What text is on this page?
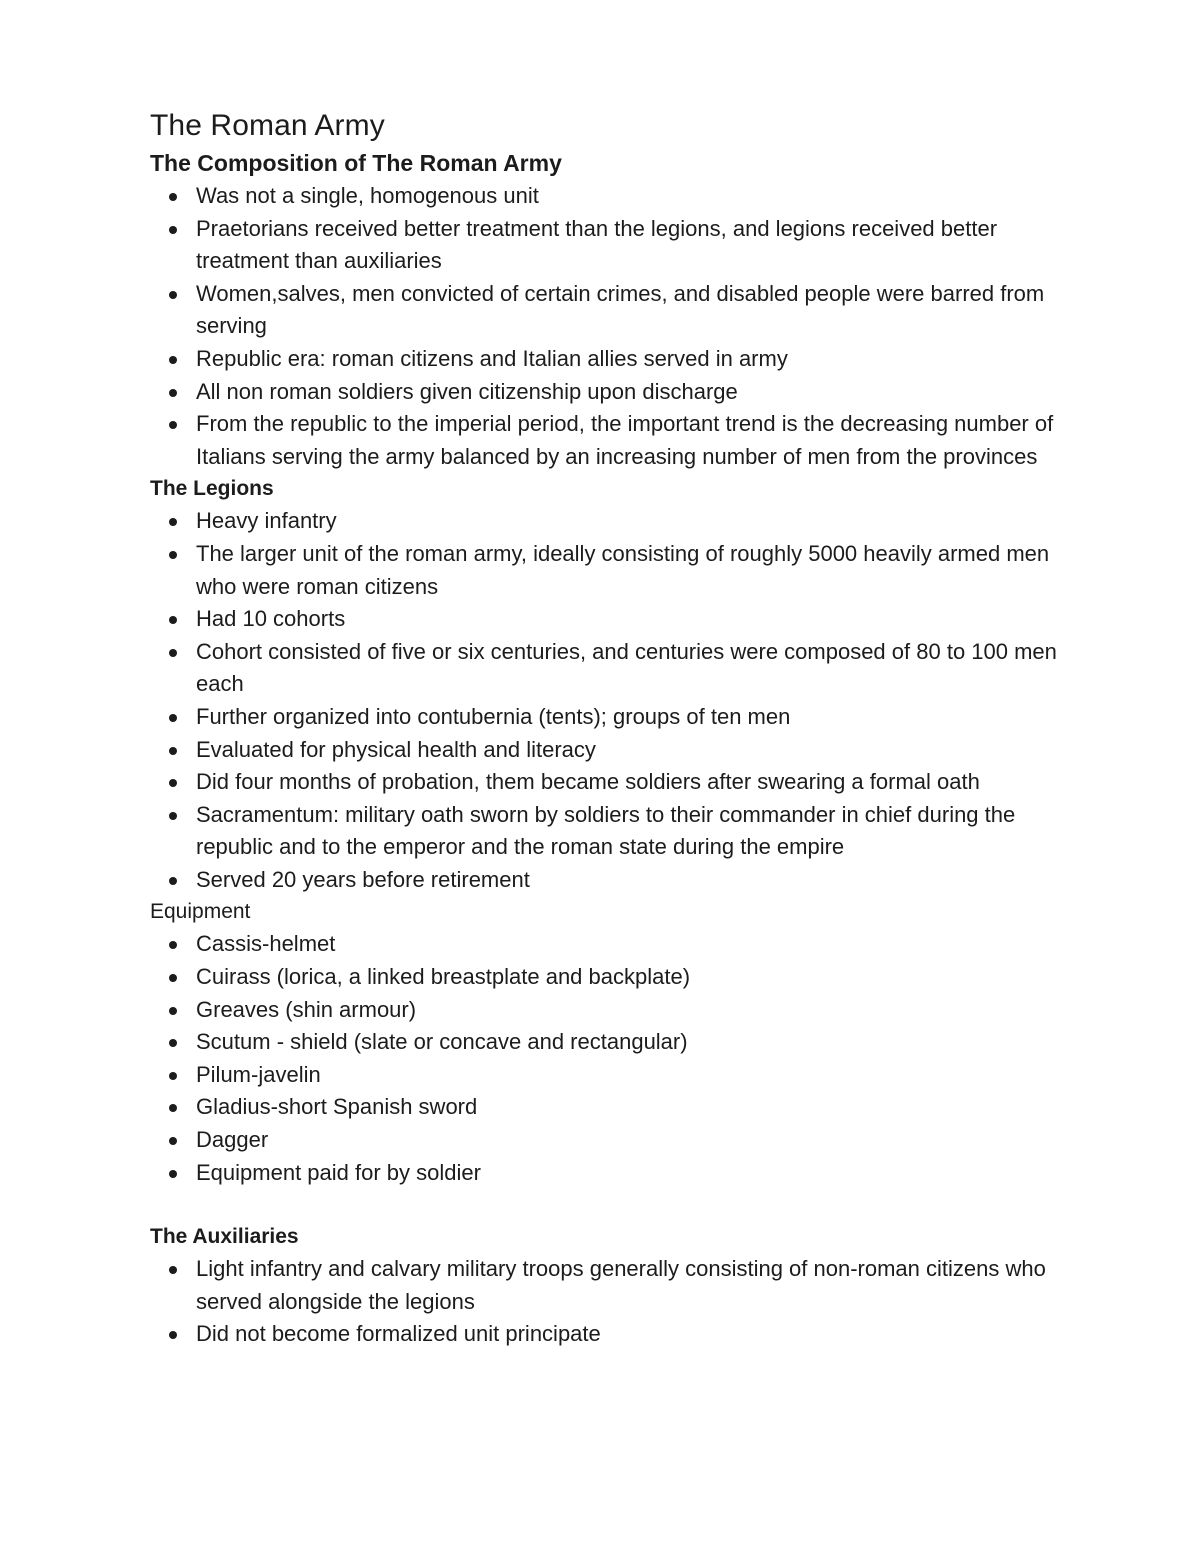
The Roman Army
The Composition of The Roman Army
Was not a single, homogenous unit
Praetorians received better treatment than the legions, and legions received better treatment than auxiliaries
Women,salves, men convicted of certain crimes, and disabled people were barred from serving
Republic era: roman citizens and Italian allies served in army
All non roman soldiers given citizenship upon discharge
From the republic to the imperial period, the important trend is the decreasing number of Italians serving the army balanced by an increasing number of men from the provinces
The Legions
Heavy infantry
The larger unit of the roman army, ideally consisting of roughly 5000 heavily armed men who were roman citizens
Had 10 cohorts
Cohort consisted of five or six centuries, and centuries were composed of 80 to 100 men each
Further organized into contubernia (tents); groups of ten men
Evaluated for physical health and literacy
Did four months of probation, them became soldiers after swearing a formal oath
Sacramentum: military oath sworn by soldiers to their commander in chief during the republic and to the emperor and the roman state during the empire
Served 20 years before retirement
Equipment
Cassis-helmet
Cuirass (lorica, a linked breastplate and backplate)
Greaves (shin armour)
Scutum - shield (slate or concave and rectangular)
Pilum-javelin
Gladius-short Spanish sword
Dagger
Equipment paid for by soldier
The Auxiliaries
Light infantry and calvary military troops generally consisting of non-roman citizens who served alongside the legions
Did not become formalized unit principate
